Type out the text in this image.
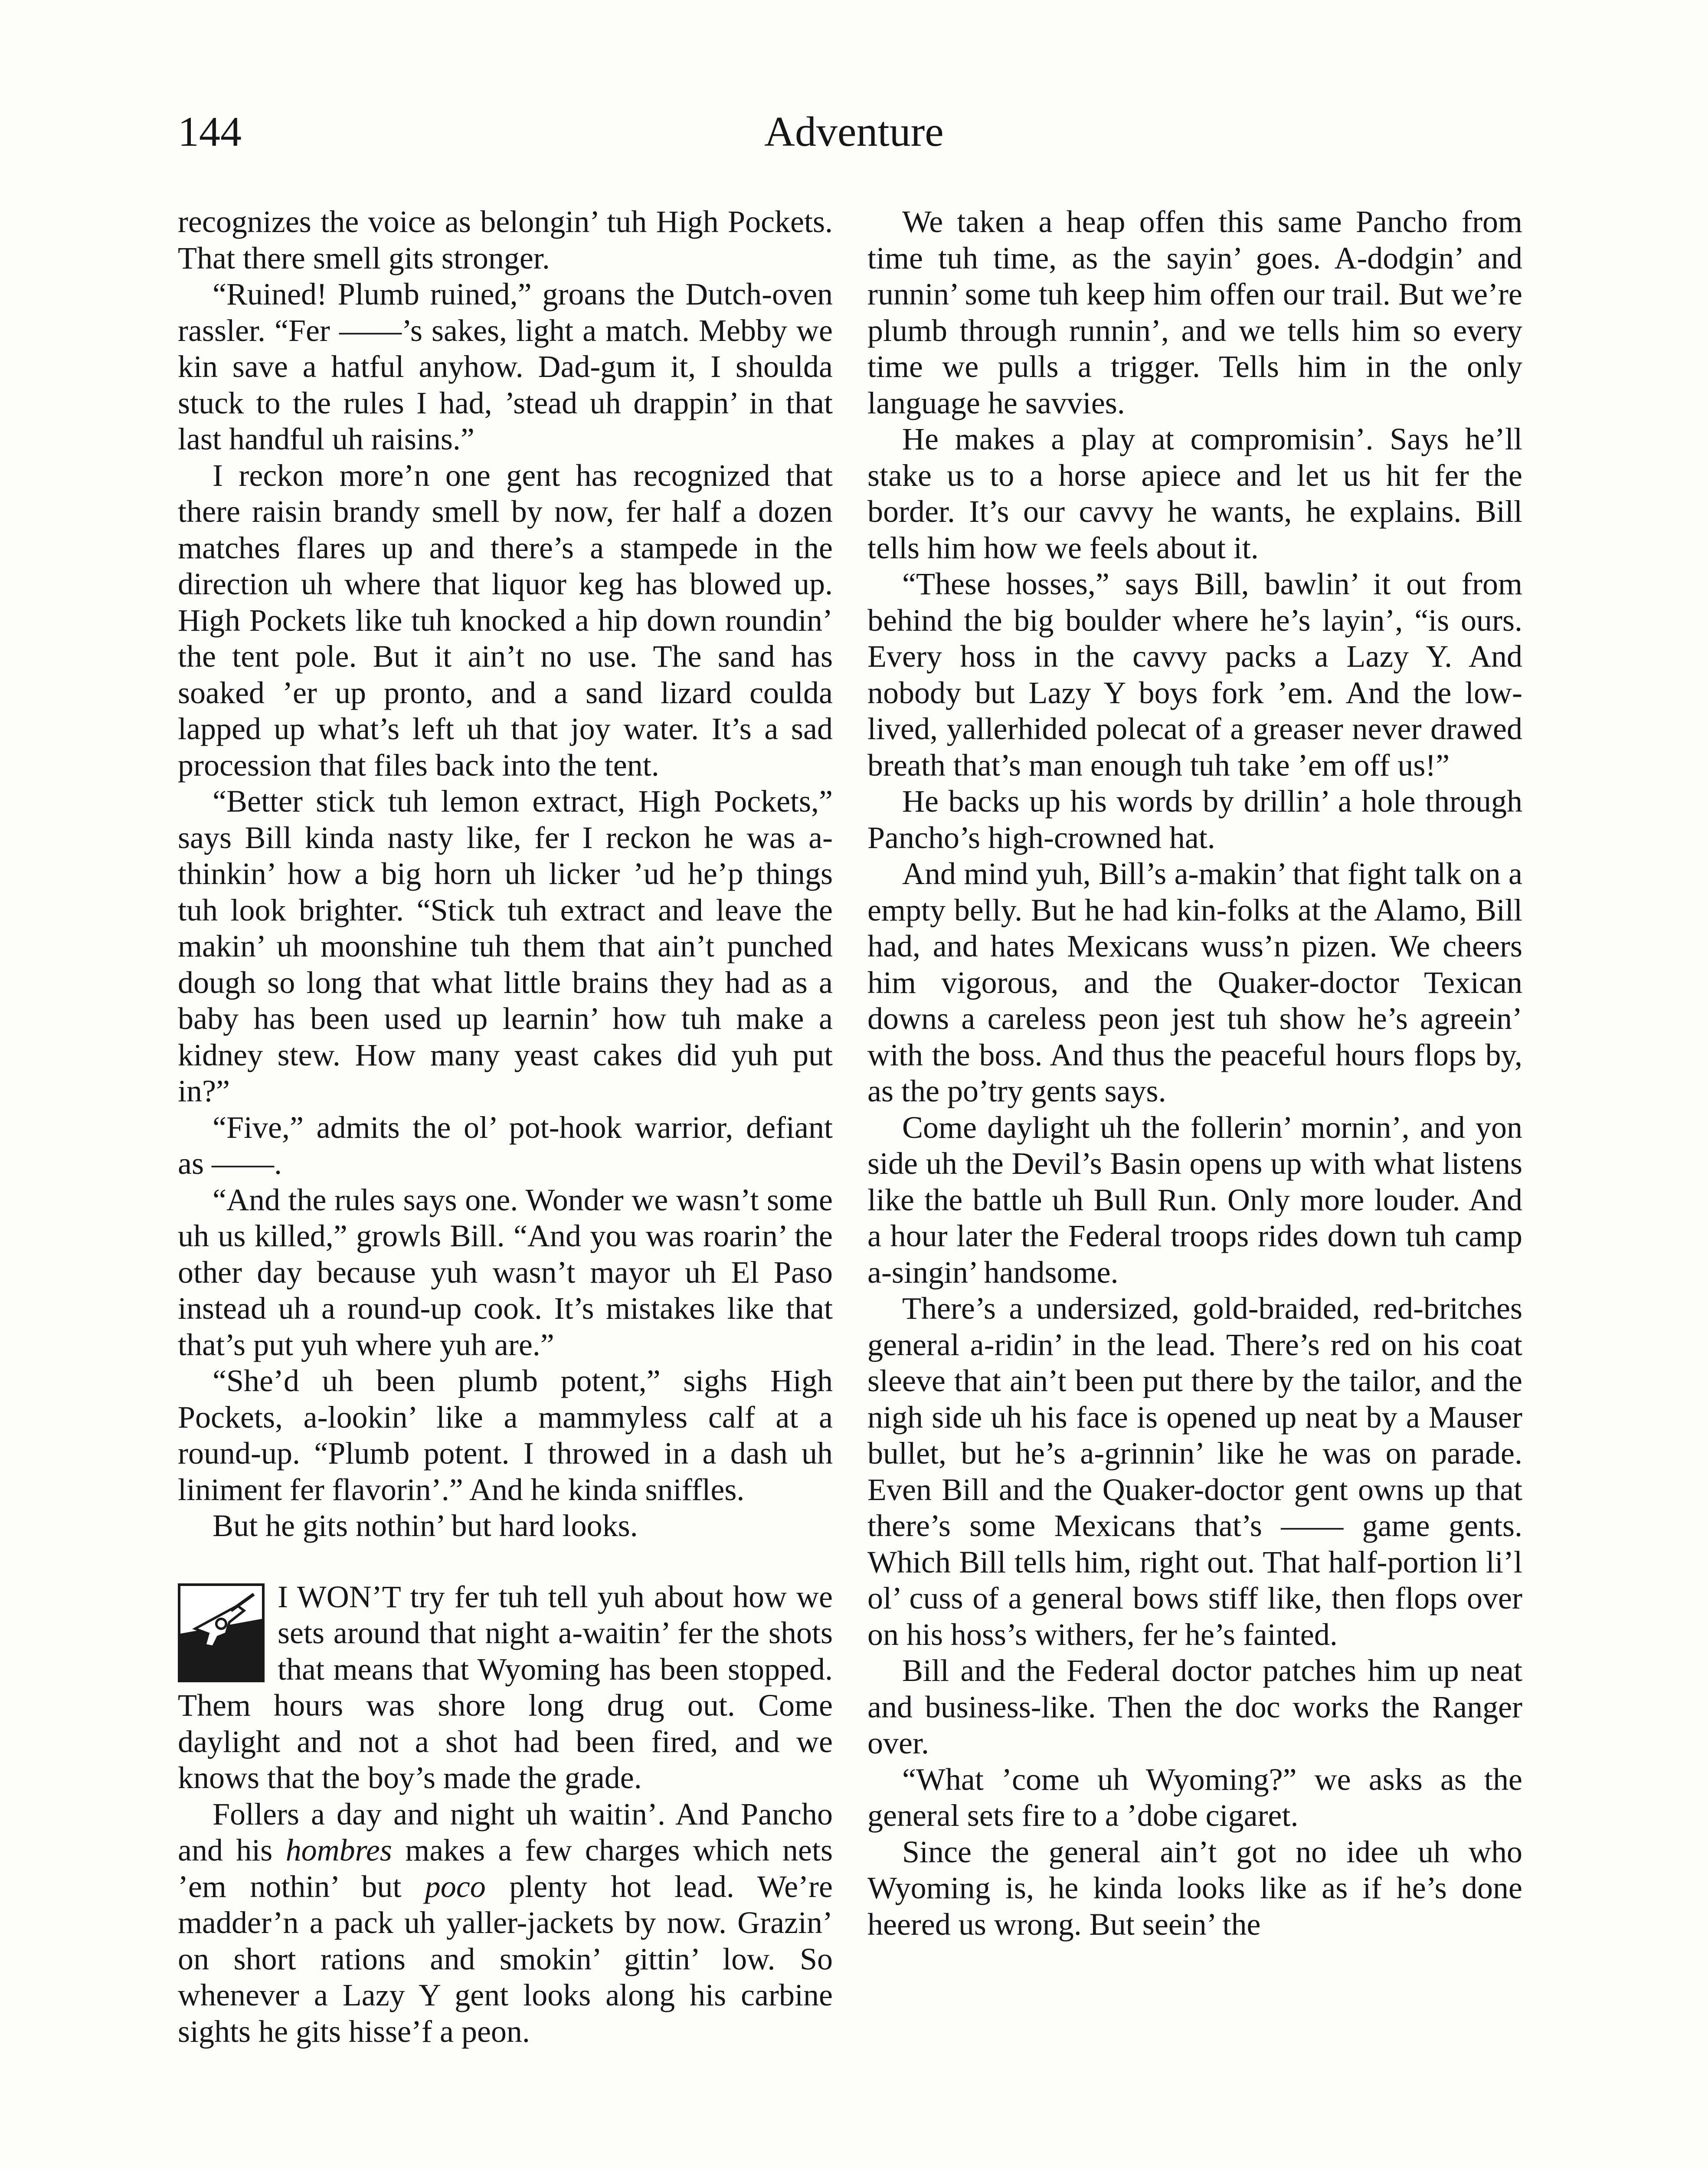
144	Adventure

recognizes the voice as belongin’ tuh High Pockets. That there smell gits stronger.

“Ruined! Plumb ruined,” groans the Dutch-oven rassler. “Fer ——’s sakes, light a match. Mebby we kin save a hatful anyhow. Dad-gum it, I shoulda stuck to the rules I had, ’stead uh drappin’ in that last handful uh raisins.”

I reckon more’n one gent has recognized that there raisin brandy smell by now, fer half a dozen matches flares up and there’s a stampede in the direction uh where that liquor keg has blowed up. High Pockets like tuh knocked a hip down roundin’ the tent pole. But it ain’t no use. The sand has soaked ’er up pronto, and a sand lizard coulda lapped up what’s left uh that joy water. It’s a sad procession that files back into the tent.

“Better stick tuh lemon extract, High Pockets,” says Bill kinda nasty like, fer I reckon he was a-thinkin’ how a big horn uh licker ’ud he’p things tuh look brighter. “Stick tuh extract and leave the makin’ uh moonshine tuh them that ain’t punched dough so long that what little brains they had as a baby has been used up learnin’ how tuh make a kidney stew. How many yeast cakes did yuh put in?”

“Five,” admits the ol’ pot-hook warrior, defiant as ——.

“And the rules says one. Wonder we wasn’t some uh us killed,” growls Bill. “And you was roarin’ the other day because yuh wasn’t mayor uh El Paso instead uh a round-up cook. It’s mistakes like that that’s put yuh where yuh are.”

“She’d uh been plumb potent,” sighs High Pockets, a-lookin’ like a mammyless calf at a round-up. “Plumb potent. I throwed in a dash uh liniment fer flavorin’.” And he kinda sniffles.

But he gits nothin’ but hard looks.

I WON’T try fer tuh tell yuh about how we sets around that night a-waitin’ fer the shots that means that Wyoming has been stopped. Them hours was shore long drug out. Come daylight and not a shot had been fired, and we knows that the boy’s made the grade.

Follers a day and night uh waitin’. And Pancho and his hombres makes a few charges which nets ’em nothin’ but poco plenty hot lead. We’re madder’n a pack uh yaller-jackets by now. Grazin’ on short rations and smokin’ gittin’ low. So whenever a Lazy Y gent looks along his carbine sights he gits hisse’f a peon.

We taken a heap offen this same Pancho from time tuh time, as the sayin’ goes. A-dodgin’ and runnin’ some tuh keep him offen our trail. But we’re plumb through runnin’, and we tells him so every time we pulls a trigger. Tells him in the only language he savvies.

He makes a play at compromisin’. Says he’ll stake us to a horse apiece and let us hit fer the border. It’s our cavvy he wants, he explains. Bill tells him how we feels about it.

“These hosses,” says Bill, bawlin’ it out from behind the big boulder where he’s layin’, “is ours. Every hoss in the cavvy packs a Lazy Y. And nobody but Lazy Y boys fork ’em. And the low-lived, yallerhided polecat of a greaser never drawed breath that’s man enough tuh take ’em off us!”

He backs up his words by drillin’ a hole through Pancho’s high-crowned hat.

And mind yuh, Bill’s a-makin’ that fight talk on a empty belly. But he had kin-folks at the Alamo, Bill had, and hates Mexicans wuss’n pizen. We cheers him vigorous, and the Quaker-doctor Texican downs a careless peon jest tuh show he’s agreein’ with the boss. And thus the peaceful hours flops by, as the po’try gents says.

Come daylight uh the follerin’ mornin’, and yon side uh the Devil’s Basin opens up with what listens like the battle uh Bull Run. Only more louder. And a hour later the Federal troops rides down tuh camp a-singin’ handsome.

There’s a undersized, gold-braided, red-britches general a-ridin’ in the lead. There’s red on his coat sleeve that ain’t been put there by the tailor, and the nigh side uh his face is opened up neat by a Mauser bullet, but he’s a-grinnin’ like he was on parade. Even Bill and the Quaker-doctor gent owns up that there’s some Mexicans that’s —— game gents. Which Bill tells him, right out. That half-portion li’l ol’ cuss of a general bows stiff like, then flops over on his hoss’s withers, fer he’s fainted.

Bill and the Federal doctor patches him up neat and business-like. Then the doc works the Ranger over.

“What ’come uh Wyoming?” we asks as the general sets fire to a ’dobe cigaret.

Since the general ain’t got no idee uh who Wyoming is, he kinda looks like as if he’s done heered us wrong. But seein’ the
